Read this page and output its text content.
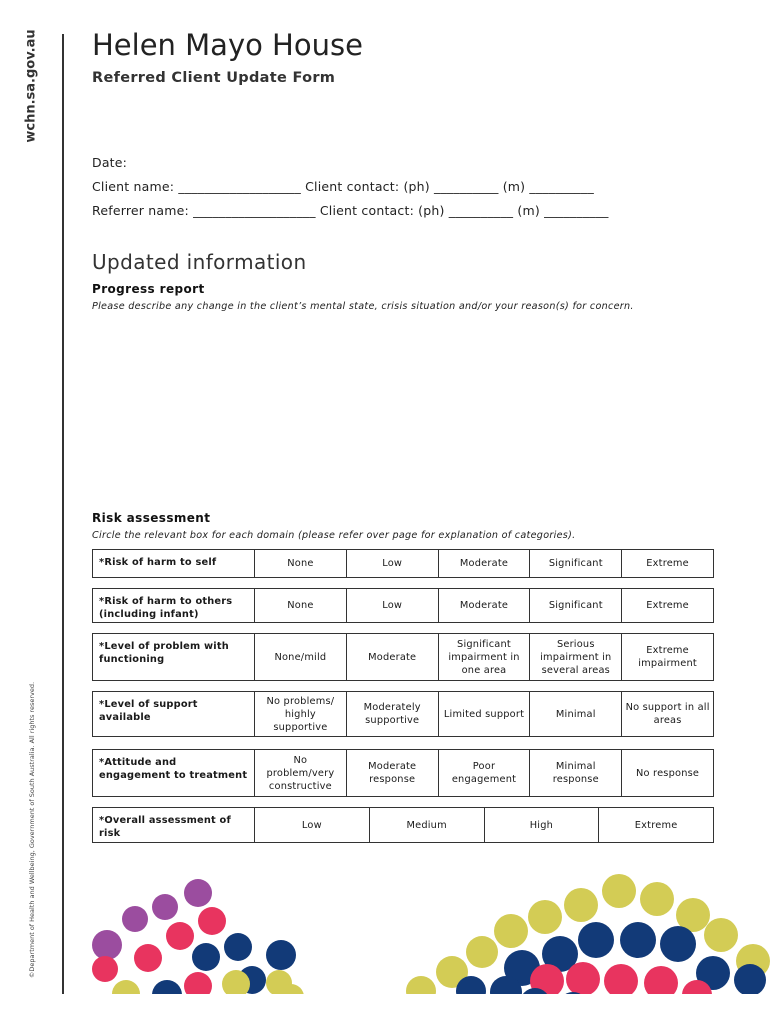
wchn.sa.gov.au
©Department of Health and Wellbeing, Government of South Australia. All rights reserved.
Helen Mayo House
Referred Client Update Form
Date:
Client name: ___________________ Client contact: (ph) __________ (m) __________
Referrer name: ___________________ Client contact: (ph) __________ (m) __________
Updated information
Progress report
Please describe any change in the client’s mental state, crisis situation and/or your reason(s) for concern.
Risk assessment
Circle the relevant box for each domain (please refer over page for explanation of categories).
*Risk of harm to self	None	Low	Moderate	Significant	Extreme
*Risk of harm to others (including infant)	None	Low	Moderate	Significant	Extreme
*Level of problem with functioning	None/mild	Moderate	Significant impairment in one area	Serious impairment in several areas	Extreme impairment
*Level of support available	No problems/ highly supportive	Moderately supportive	Limited support	Minimal	No support in all areas
*Attitude and engagement to treatment	No problem/very constructive	Moderate response	Poor engagement	Minimal response	No response
*Overall assessment of risk	Low	Medium	High	Extreme
